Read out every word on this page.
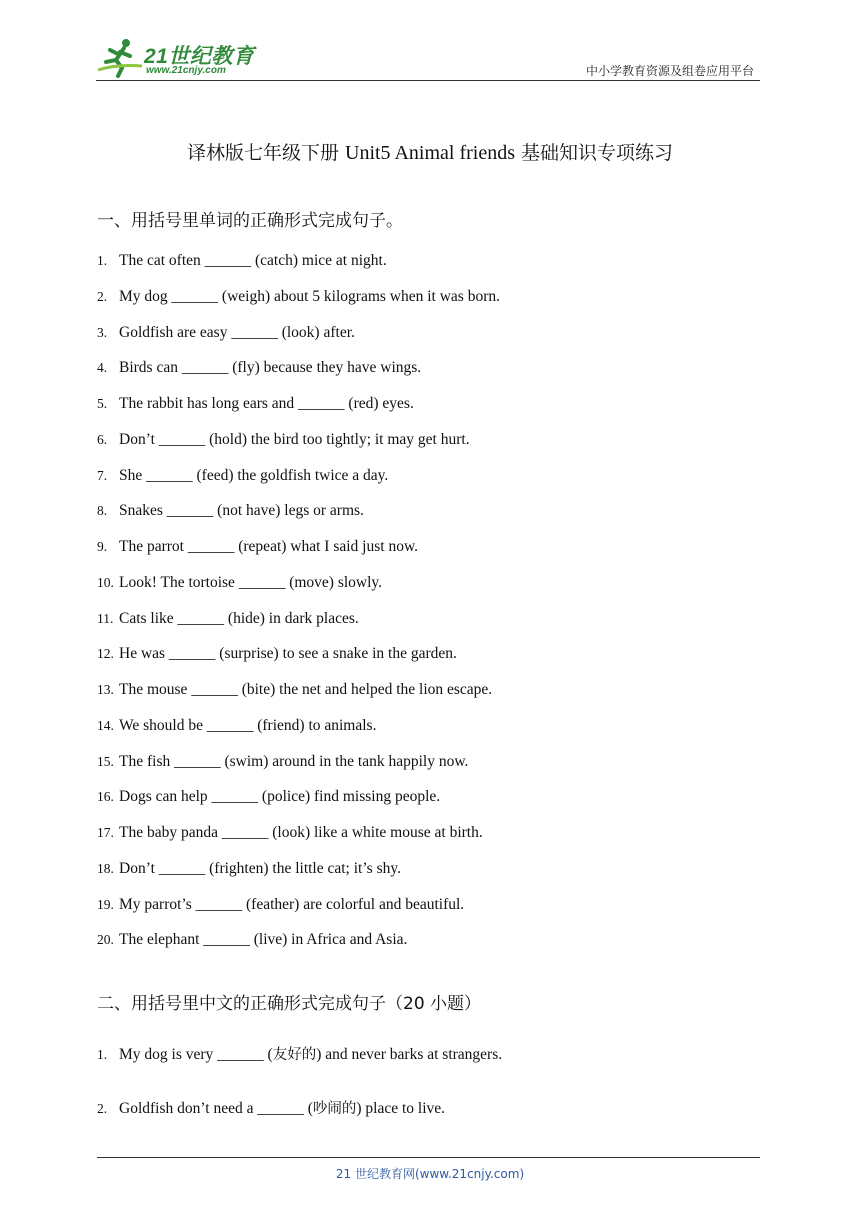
21世纪教育
www.21cnjy.com	中小学教育资源及组卷应用平台
译林版七年级下册 Unit5 Animal friends 基础知识专项练习
一、用括号里单词的正确形式完成句子。
1. The cat often ______ (catch) mice at night.
2. My dog ______ (weigh) about 5 kilograms when it was born.
3. Goldfish are easy ______ (look) after.
4. Birds can ______ (fly) because they have wings.
5. The rabbit has long ears and ______ (red) eyes.
6. Don’t ______ (hold) the bird too tightly; it may get hurt.
7. She ______ (feed) the goldfish twice a day.
8. Snakes ______ (not have) legs or arms.
9. The parrot ______ (repeat) what I said just now.
10. Look! The tortoise ______ (move) slowly.
11. Cats like ______ (hide) in dark places.
12. He was ______ (surprise) to see a snake in the garden.
13. The mouse ______ (bite) the net and helped the lion escape.
14. We should be ______ (friend) to animals.
15. The fish ______ (swim) around in the tank happily now.
16. Dogs can help ______ (police) find missing people.
17. The baby panda ______ (look) like a white mouse at birth.
18. Don’t ______ (frighten) the little cat; it’s shy.
19. My parrot’s ______ (feather) are colorful and beautiful.
20. The elephant ______ (live) in Africa and Asia.
二、用括号里中文的正确形式完成句子（20 小题）
1. My dog is very ______ (友好的) and never barks at strangers.
2. Goldfish don’t need a ______ (吵闹的) place to live.
21 世纪教育网(www.21cnjy.com)
